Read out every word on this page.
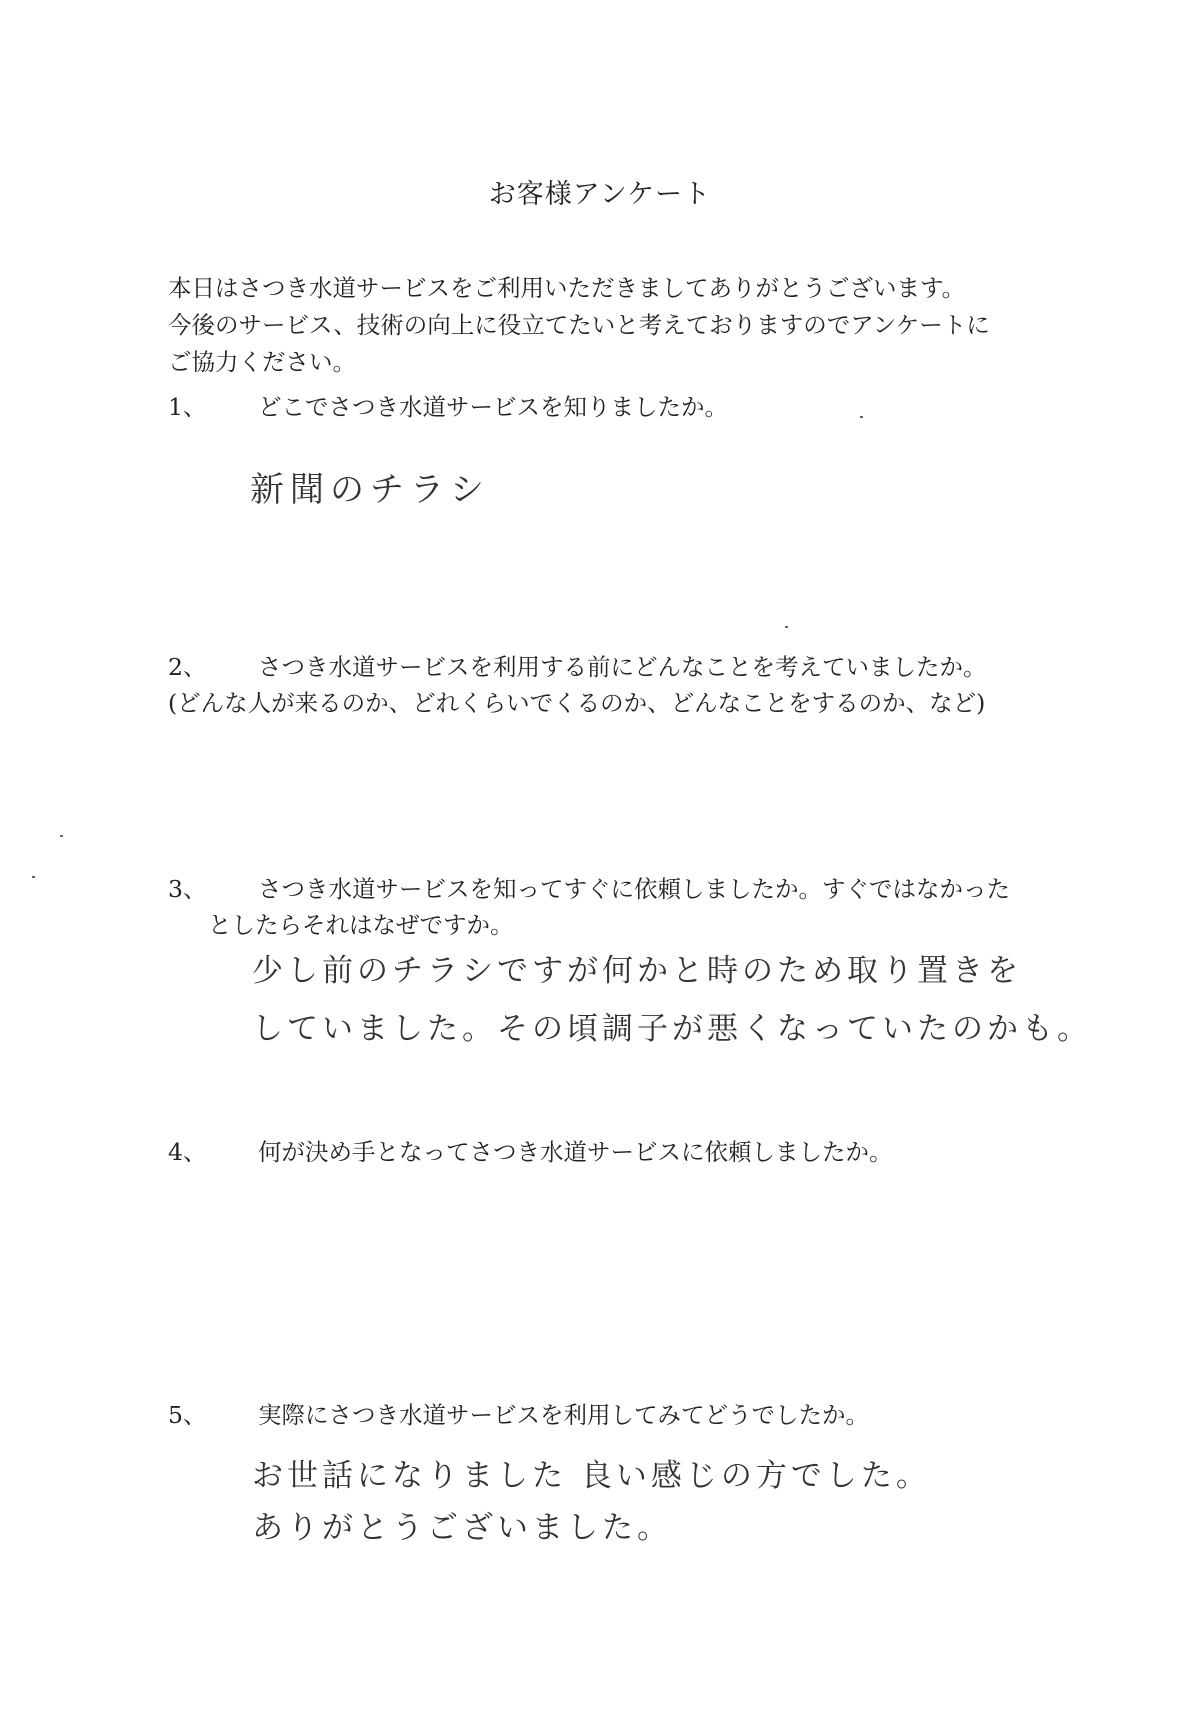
お客様アンケート
本日はさつき水道サービスをご利用いただきましてありがとうございます。
今後のサービス、技術の向上に役立てたいと考えておりますのでアンケートに
ご協力ください。
1、 どこでさつき水道サービスを知りましたか。
新聞のチラシ
2、 さつき水道サービスを利用する前にどんなことを考えていましたか。
(どんな人が来るのか、どれくらいでくるのか、どんなことをするのか、など)
3、 さつき水道サービスを知ってすぐに依頼しましたか。すぐではなかった
としたらそれはなぜですか。
少し前のチラシですが何かと時のため取り置きを
していました。その頃調子が悪くなっていたのかも。
4、 何が決め手となってさつき水道サービスに依頼しましたか。
5、 実際にさつき水道サービスを利用してみてどうでしたか。
お世話になりました 良い感じの方でした。
ありがとうございました。
